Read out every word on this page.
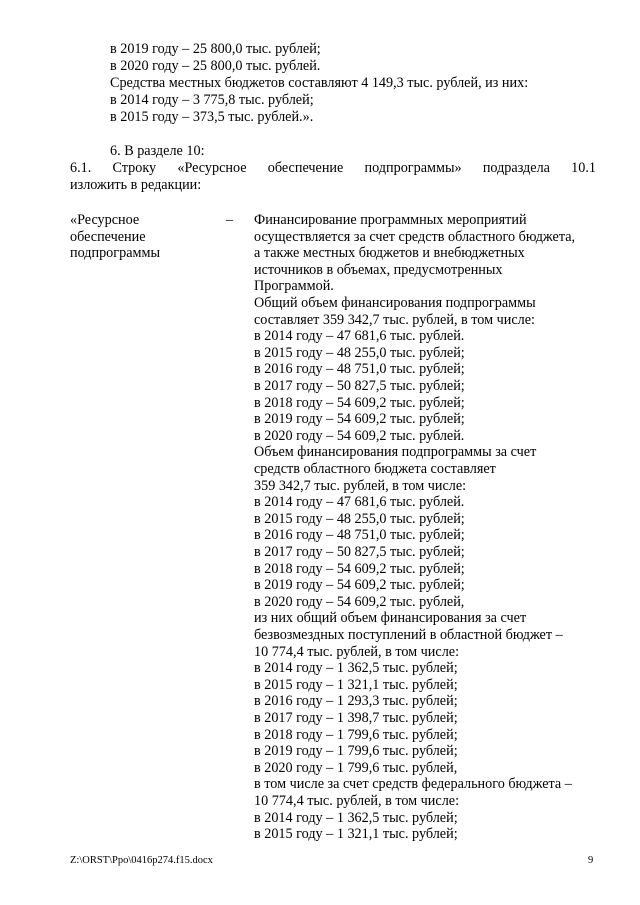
в 2019 году – 25 800,0 тыс. рублей;
в 2020 году – 25 800,0 тыс. рублей.
Средства местных бюджетов составляют 4 149,3 тыс. рублей, из них:
в 2014 году – 3 775,8 тыс. рублей;
в 2015 году – 373,5 тыс. рублей.».
6. В разделе 10:
6.1. Строку «Ресурсное обеспечение подпрограммы» подраздела 10.1
изложить в редакции:
«Ресурсное
обеспечение
подпрограммы
– Финансирование программных мероприятий
осуществляется за счет средств областного бюджета,
а также местных бюджетов и внебюджетных
источников в объемах, предусмотренных
Программой.
Общий объем финансирования подпрограммы
составляет 359 342,7 тыс. рублей, в том числе:
в 2014 году – 47 681,6 тыс. рублей.
в 2015 году – 48 255,0 тыс. рублей;
в 2016 году – 48 751,0 тыс. рублей;
в 2017 году – 50 827,5 тыс. рублей;
в 2018 году – 54 609,2 тыс. рублей;
в 2019 году – 54 609,2 тыс. рублей;
в 2020 году – 54 609,2 тыс. рублей.
Объем финансирования подпрограммы за счет
средств областного бюджета составляет
359 342,7 тыс. рублей, в том числе:
в 2014 году – 47 681,6 тыс. рублей.
в 2015 году – 48 255,0 тыс. рублей;
в 2016 году – 48 751,0 тыс. рублей;
в 2017 году – 50 827,5 тыс. рублей;
в 2018 году – 54 609,2 тыс. рублей;
в 2019 году – 54 609,2 тыс. рублей;
в 2020 году – 54 609,2 тыс. рублей,
из них общий объем финансирования за счет
безвозмездных поступлений в областной бюджет –
10 774,4 тыс. рублей, в том числе:
в 2014 году – 1 362,5 тыс. рублей;
в 2015 году – 1 321,1 тыс. рублей;
в 2016 году – 1 293,3 тыс. рублей;
в 2017 году – 1 398,7 тыс. рублей;
в 2018 году – 1 799,6 тыс. рублей;
в 2019 году – 1 799,6 тыс. рублей;
в 2020 году – 1 799,6 тыс. рублей,
в том числе за счет средств федерального бюджета –
10 774,4 тыс. рублей, в том числе:
в 2014 году – 1 362,5 тыс. рублей;
в 2015 году – 1 321,1 тыс. рублей;
Z:\ORST\Ppo\0416p274.f15.docx	9
